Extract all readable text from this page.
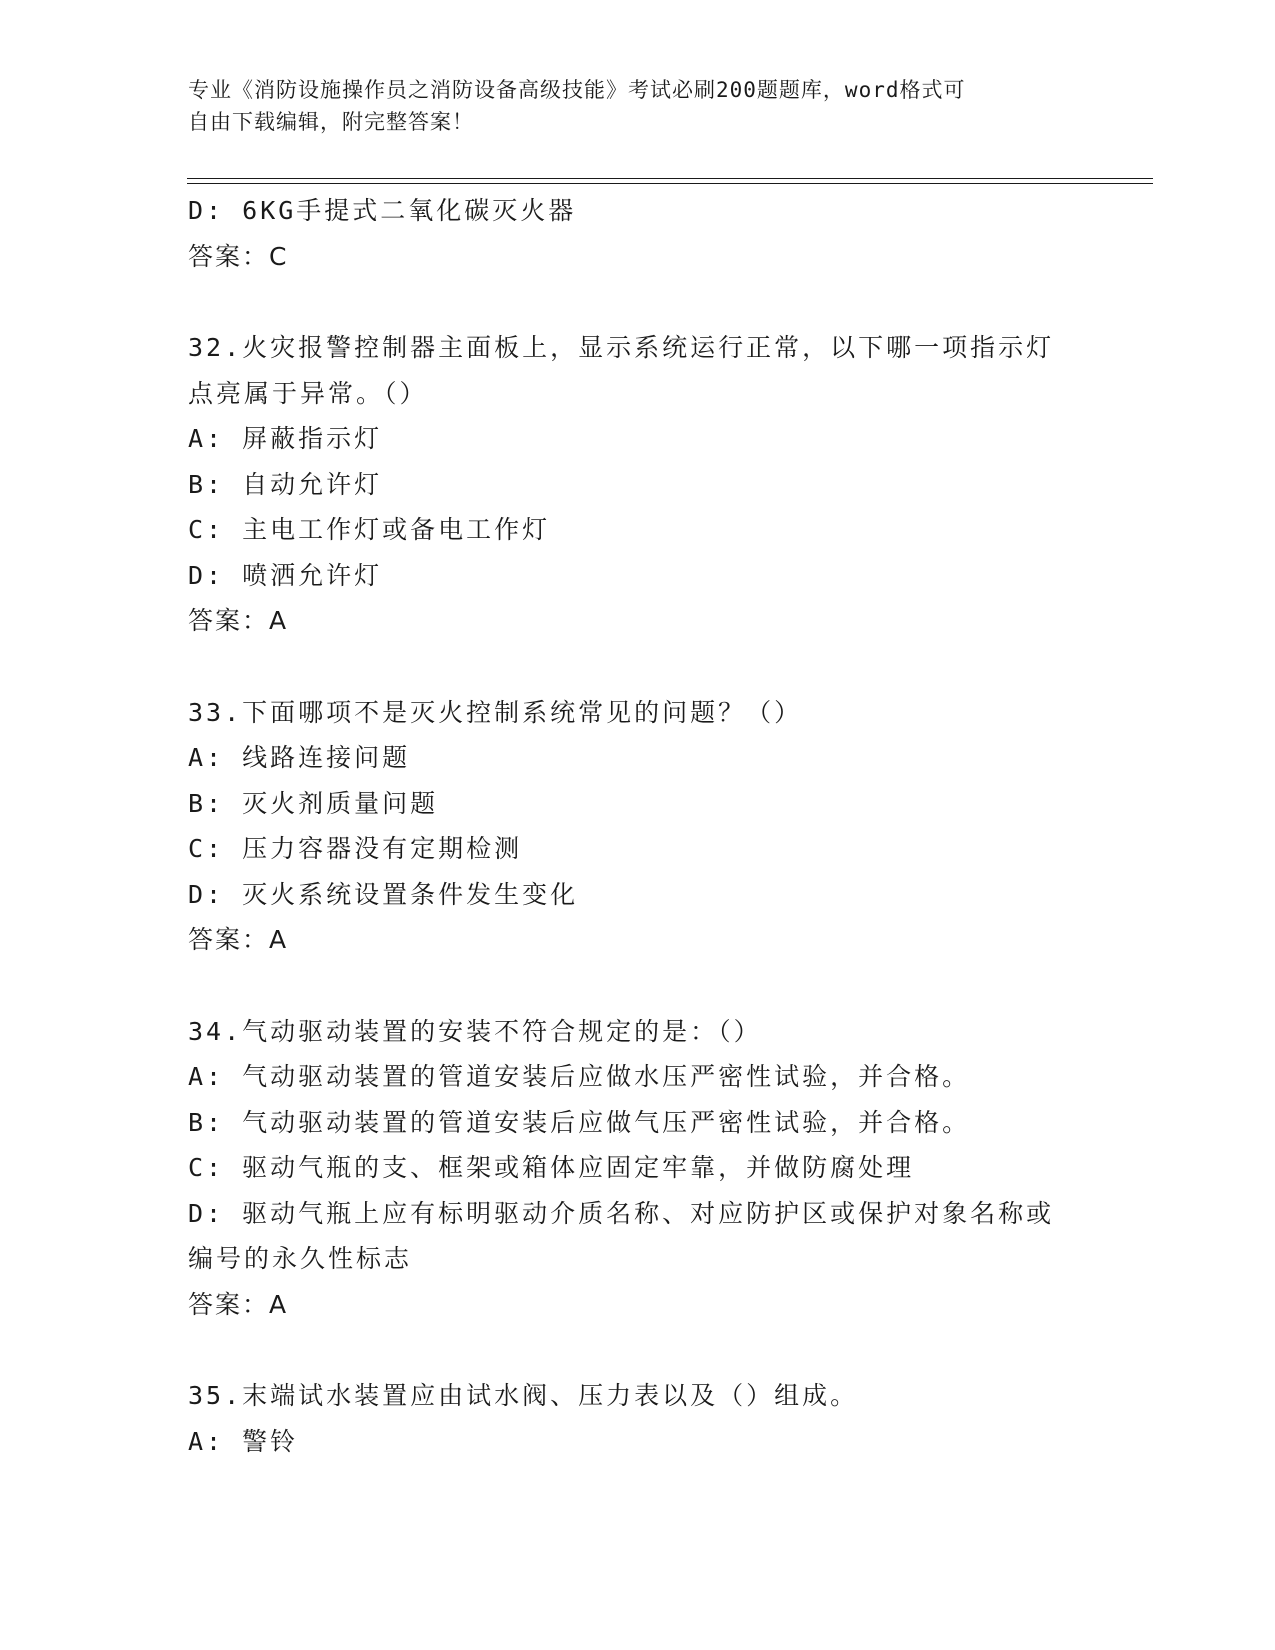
专业《消防设施操作员之消防设备高级技能》考试必刷200题题库，word格式可
自由下载编辑，附完整答案！
D: 6KG手提式二氧化碳灭火器
答案：C
32.火灾报警控制器主面板上，显示系统运行正常，以下哪一项指示灯
点亮属于异常。（）
A: 屏蔽指示灯
B: 自动允许灯
C: 主电工作灯或备电工作灯
D: 喷洒允许灯
答案：A
33.下面哪项不是灭火控制系统常见的问题？（）
A: 线路连接问题
B: 灭火剂质量问题
C: 压力容器没有定期检测
D: 灭火系统设置条件发生变化
答案：A
34.气动驱动装置的安装不符合规定的是：（）
A: 气动驱动装置的管道安装后应做水压严密性试验，并合格。
B: 气动驱动装置的管道安装后应做气压严密性试验，并合格。
C: 驱动气瓶的支、框架或箱体应固定牢靠，并做防腐处理
D: 驱动气瓶上应有标明驱动介质名称、对应防护区或保护对象名称或
编号的永久性标志
答案：A
35.末端试水装置应由试水阀、压力表以及（）组成。
A: 警铃
